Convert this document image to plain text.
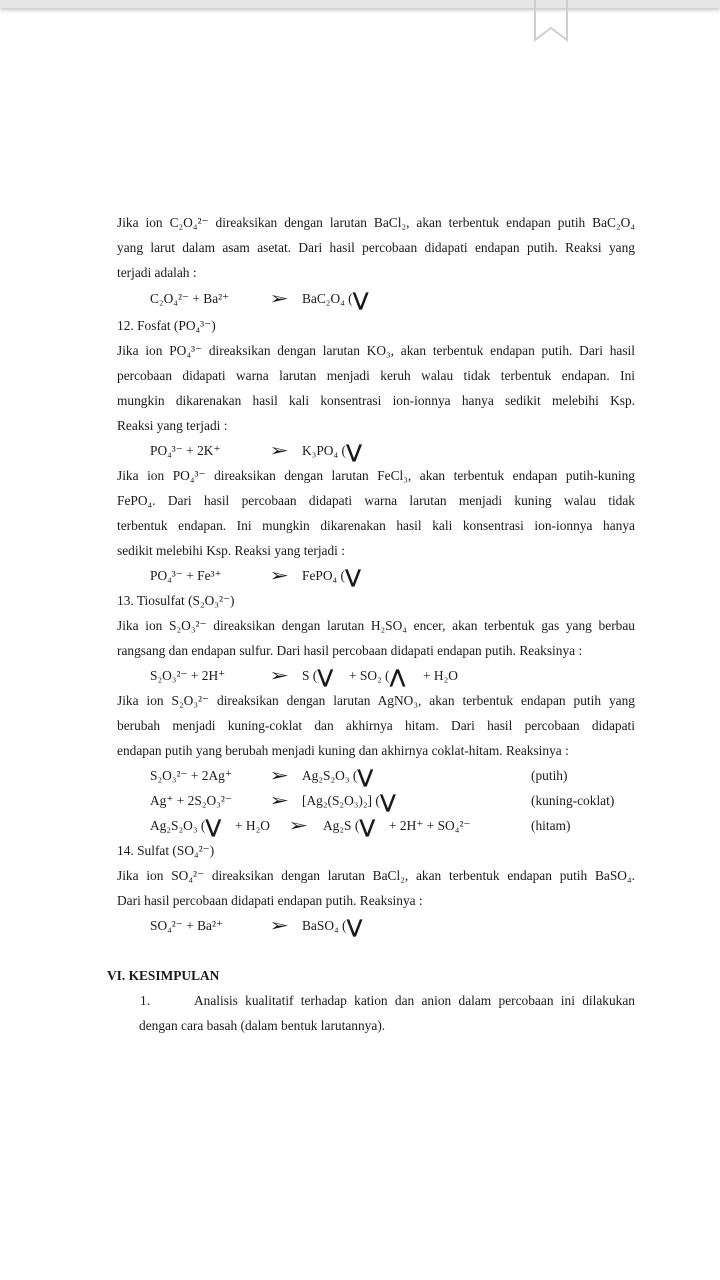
Jika ion C₂O₄²⁻ direaksikan dengan larutan BaCl₂, akan terbentuk endapan putih BaC₂O₄
yang larut dalam asam asetat. Dari hasil percobaan didapati endapan putih. Reaksi yang
terjadi adalah :
C₂O₄²⁻ + Ba²⁺ ➢ BaC₂O₄ (⋁
12. Fosfat (PO₄³⁻)
Jika ion PO₄³⁻ direaksikan dengan larutan KO₃, akan terbentuk endapan putih. Dari hasil
percobaan didapati warna larutan menjadi keruh walau tidak terbentuk endapan. Ini
mungkin dikarenakan hasil kali konsentrasi ion-ionnya hanya sedikit melebihi Ksp.
Reaksi yang terjadi :
PO₄³⁻ + 2K⁺	➢ K₃PO₄ (⋁
Jika ion PO₄³⁻ direaksikan dengan larutan FeCl₃, akan terbentuk endapan putih-kuning
FePO₄. Dari hasil percobaan didapati warna larutan menjadi kuning walau tidak
terbentuk endapan. Ini mungkin dikarenakan hasil kali konsentrasi ion-ionnya hanya
sedikit melebihi Ksp. Reaksi yang terjadi :
PO₄³⁻ + Fe³⁺	➢ FePO₄ (⋁
13. Tiosulfat (S₂O₃²⁻)
Jika ion S₂O₃²⁻ direaksikan dengan larutan H₂SO₄ encer, akan terbentuk gas yang berbau
rangsang dan endapan sulfur. Dari hasil percobaan didapati endapan putih. Reaksinya :
S₂O₃²⁻ + 2H⁺	➢ S (⋁ + SO₂ (⋀ + H₂O
Jika ion S₂O₃²⁻ direaksikan dengan larutan AgNO₃, akan terbentuk endapan putih yang
berubah menjadi kuning-coklat dan akhirnya hitam. Dari hasil percobaan didapati
endapan putih yang berubah menjadi kuning dan akhirnya coklat-hitam. Reaksinya :
S₂O₃²⁻ + 2Ag⁺ ➢ Ag₂S₂O₃ (⋁	(putih)
Ag⁺ + 2S₂O₃²⁻ ➢ [Ag₂(S₂O₃)₂] (⋁	(kuning-coklat)
Ag₂S₂O₃ (⋁ + H₂O ➢ Ag₂S (⋁ + 2H⁺ + SO₄²⁻	(hitam)
14. Sulfat (SO₄²⁻)
Jika ion SO₄²⁻ direaksikan dengan larutan BaCl₂, akan terbentuk endapan putih BaSO₄.
Dari hasil percobaan didapati endapan putih. Reaksinya :
SO₄²⁻ + Ba²⁺	➢ BaSO₄ (⋁
VI. KESIMPULAN
1.	Analisis kualitatif terhadap kation dan anion dalam percobaan ini dilakukan
dengan cara basah (dalam bentuk larutannya).
